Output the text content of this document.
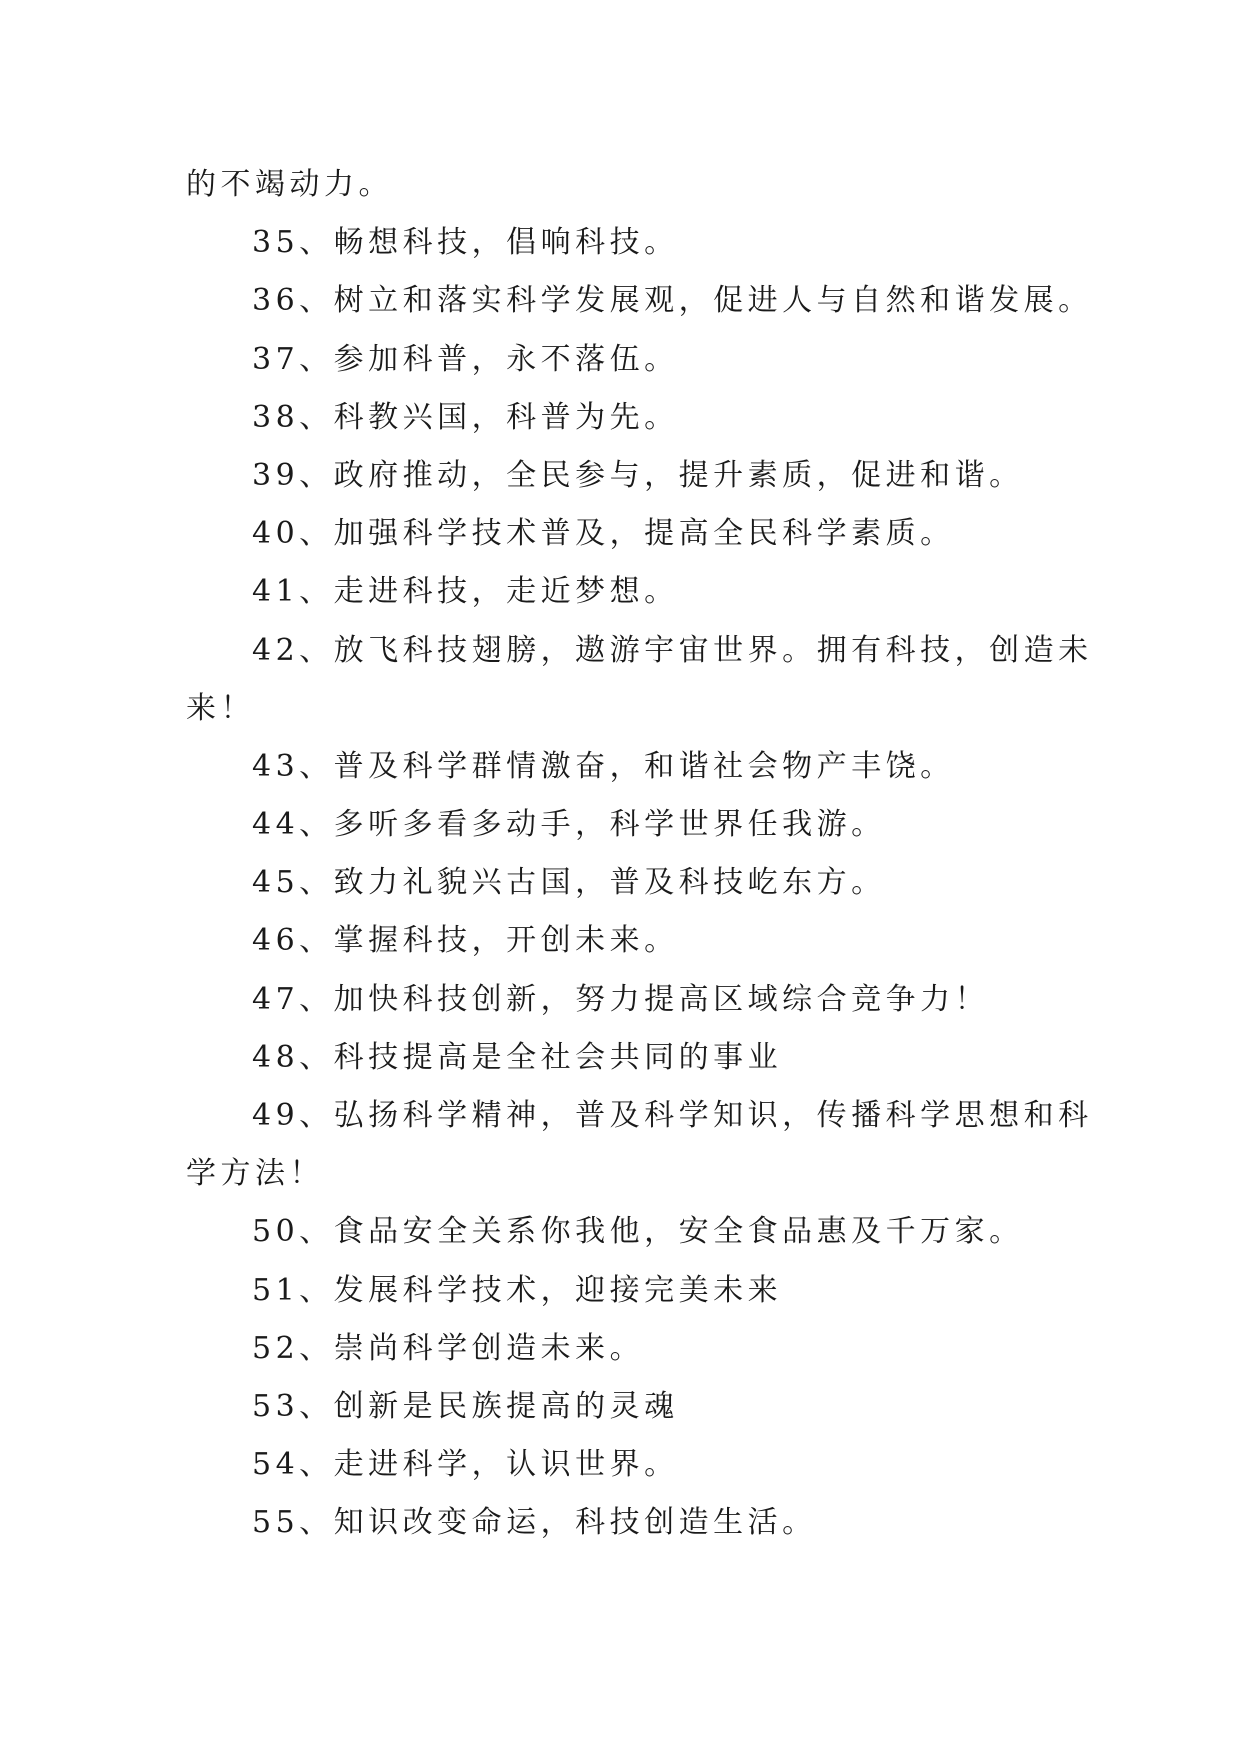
的不竭动力。
35、畅想科技，倡响科技。
36、树立和落实科学发展观，促进人与自然和谐发展。
37、参加科普，永不落伍。
38、科教兴国，科普为先。
39、政府推动，全民参与，提升素质，促进和谐。
40、加强科学技术普及，提高全民科学素质。
41、走进科技，走近梦想。
42、放飞科技翅膀，遨游宇宙世界。拥有科技，创造未
来！
43、普及科学群情激奋，和谐社会物产丰饶。
44、多听多看多动手，科学世界任我游。
45、致力礼貌兴古国，普及科技屹东方。
46、掌握科技，开创未来。
47、加快科技创新，努力提高区域综合竞争力！
48、科技提高是全社会共同的事业
49、弘扬科学精神，普及科学知识，传播科学思想和科
学方法！
50、食品安全关系你我他，安全食品惠及千万家。
51、发展科学技术，迎接完美未来
52、崇尚科学创造未来。
53、创新是民族提高的灵魂
54、走进科学，认识世界。
55、知识改变命运，科技创造生活。
